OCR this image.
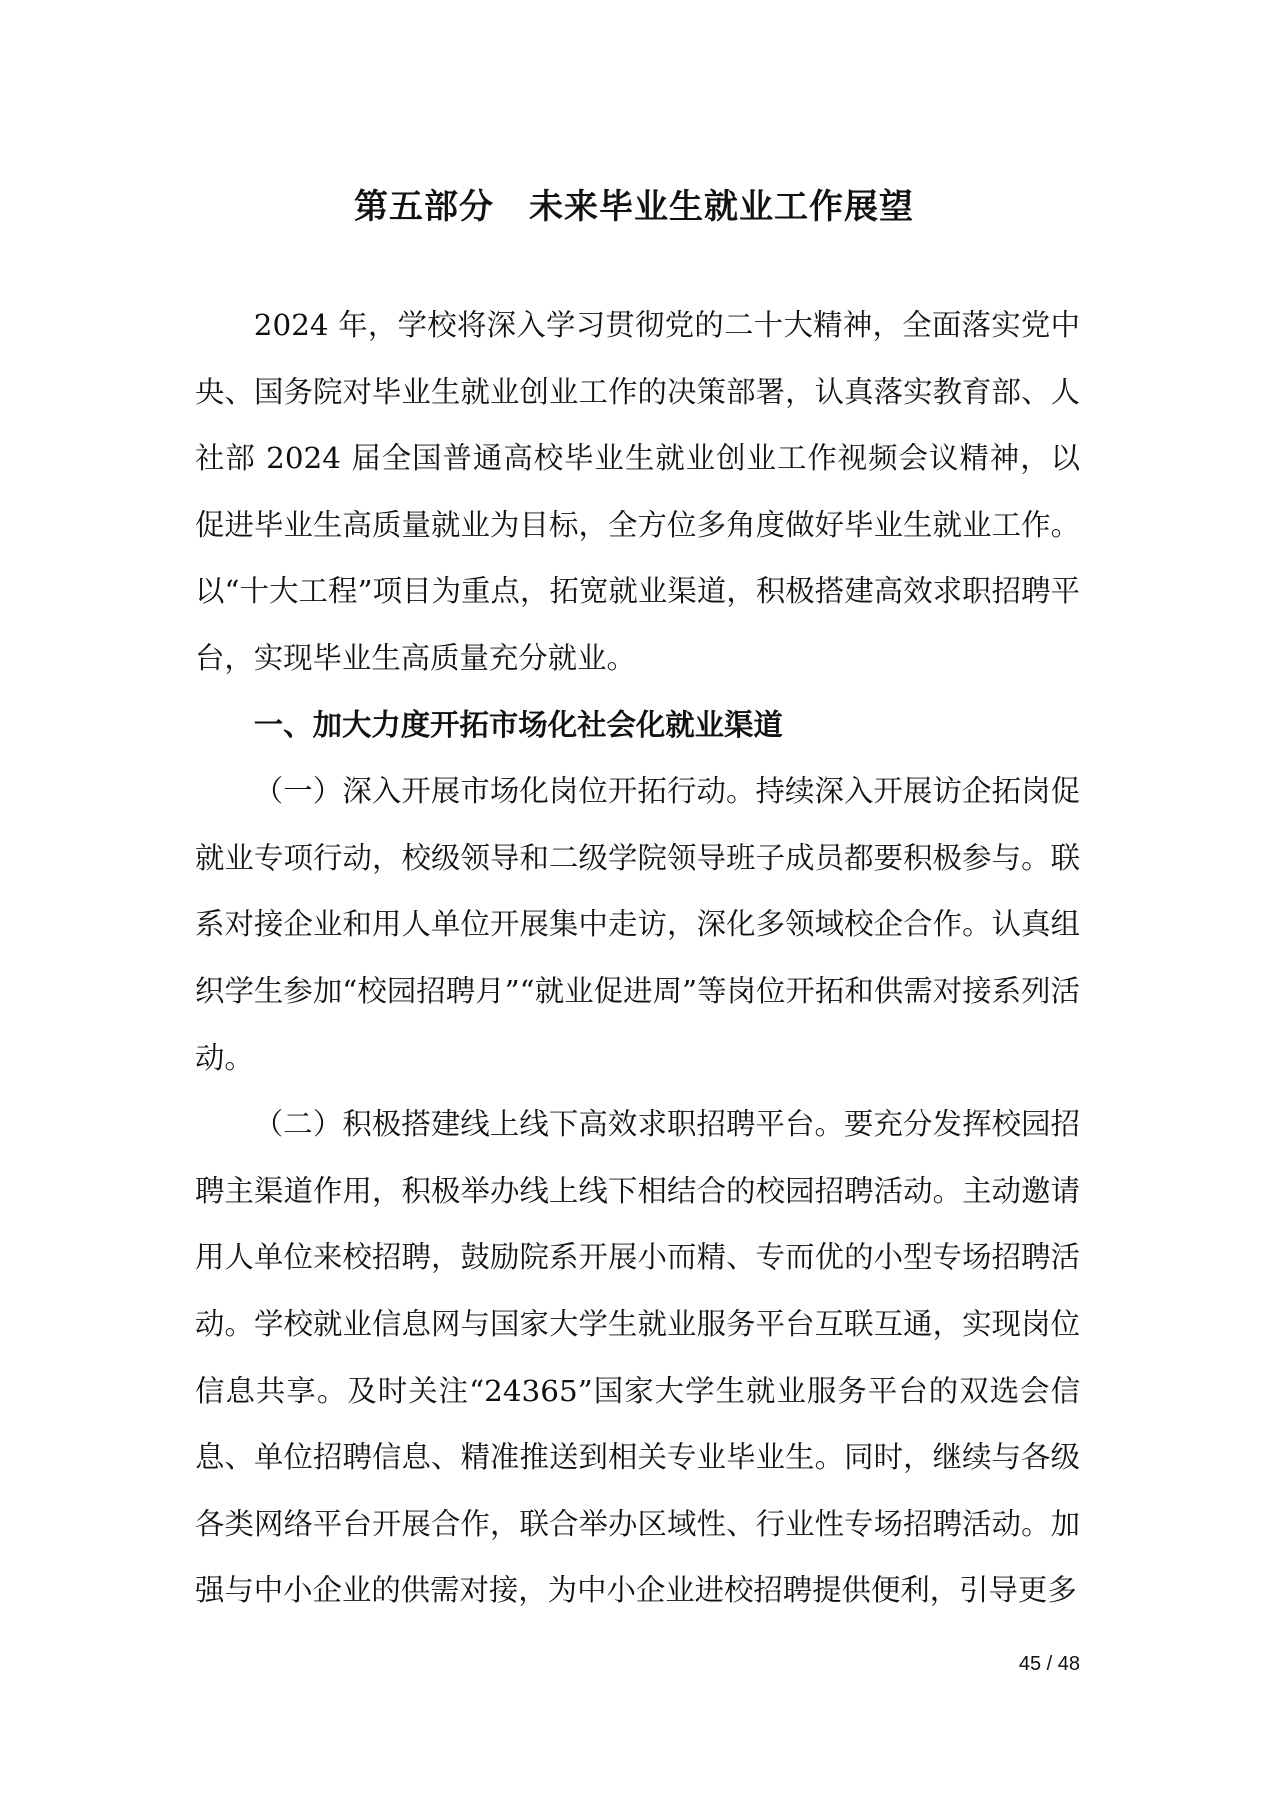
第五部分　未来毕业生就业工作展望

2024 年，学校将深入学习贯彻党的二十大精神，全面落实党中央、国务院对毕业生就业创业工作的决策部署，认真落实教育部、人社部 2024 届全国普通高校毕业生就业创业工作视频会议精神，以促进毕业生高质量就业为目标，全方位多角度做好毕业生就业工作。以“十大工程”项目为重点，拓宽就业渠道，积极搭建高效求职招聘平台，实现毕业生高质量充分就业。

一、加大力度开拓市场化社会化就业渠道

（一）深入开展市场化岗位开拓行动。持续深入开展访企拓岗促就业专项行动，校级领导和二级学院领导班子成员都要积极参与。联系对接企业和用人单位开展集中走访，深化多领域校企合作。认真组织学生参加“校园招聘月”“就业促进周”等岗位开拓和供需对接系列活动。

（二）积极搭建线上线下高效求职招聘平台。要充分发挥校园招聘主渠道作用，积极举办线上线下相结合的校园招聘活动。主动邀请用人单位来校招聘，鼓励院系开展小而精、专而优的小型专场招聘活动。学校就业信息网与国家大学生就业服务平台互联互通，实现岗位信息共享。及时关注“24365”国家大学生就业服务平台的双选会信息、单位招聘信息、精准推送到相关专业毕业生。同时，继续与各级各类网络平台开展合作，联合举办区域性、行业性专场招聘活动。加强与中小企业的供需对接，为中小企业进校招聘提供便利，引导更多

45 / 48
